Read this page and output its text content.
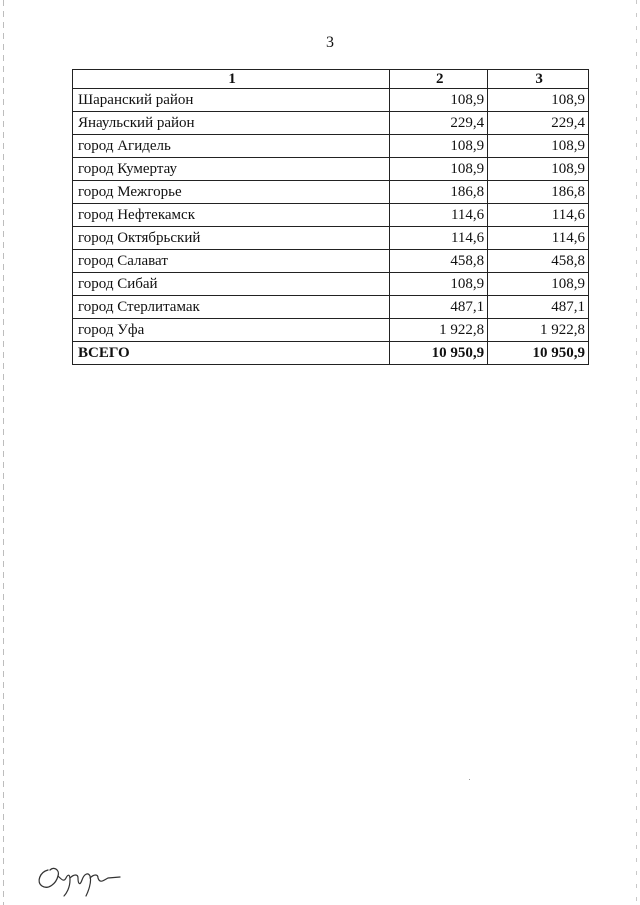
3
1	2	3
Шаранский район	108,9	108,9
Янаульский район	229,4	229,4
город Агидель	108,9	108,9
город Кумертау	108,9	108,9
город Межгорье	186,8	186,8
город Нефтекамск	114,6	114,6
город Октябрьский	114,6	114,6
город Салават	458,8	458,8
город Сибай	108,9	108,9
город Стерлитамак	487,1	487,1
город Уфа	1 922,8	1 922,8
ВСЕГО	10 950,9	10 950,9
